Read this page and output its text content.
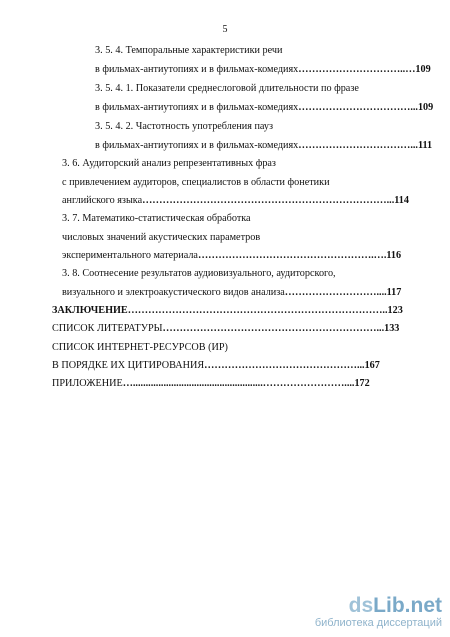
5
3. 5. 4. Темпоральные характеристики речи
в фильмах-антиутопиях и в фильмах-комедиях…………………………..…109
3. 5. 4. 1. Показатели среднеслоговой длительности по фразе
в фильмах-антиутопиях и в фильмах-комедиях……………………………...109
3. 5. 4. 2. Частотность употребления пауз
в фильмах-антиутопиях и в фильмах-комедиях……………………………...111
3. 6. Аудиторский анализ репрезентативных фраз
с привлечением аудиторов, специалистов в области фонетики
английского языка………………………………………………………………...114
3. 7. Математико-статистическая обработка
числовых значений акустических параметров
экспериментального материала…………………………………………….….116
3. 8. Соотнесение результатов аудиовизуального, аудиторского,
визуального и электроакустического видов анализа………………………....117
ЗАКЛЮЧЕНИЕ…………………………………………………………………..123
СПИСОК ЛИТЕРАТУРЫ………………………………………………………...133
СПИСОК ИНТЕРНЕТ-РЕСУРСОВ (ИР)
В ПОРЯДКЕ ИХ ЦИТИРОВАНИЯ………………………………………...167
ПРИЛОЖЕНИЕ…...................................................……………………....172
dsLib.net
библиотека диссертаций
